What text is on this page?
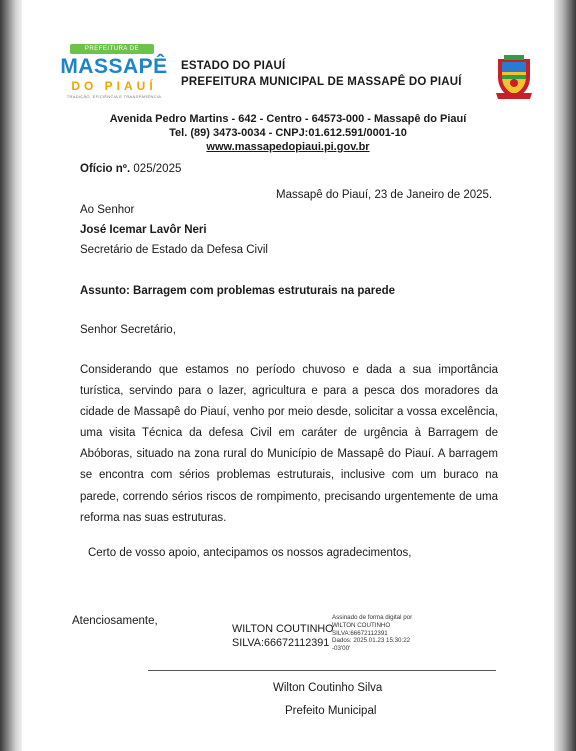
PREFEITURA DE
MASSAPÊ
DO PIAUÍ
TRADIÇÃO, EFICIÊNCIA E TRANSPARÊNCIA
ESTADO DO PIAUÍ
PREFEITURA MUNICIPAL DE MASSAPÊ DO PIAUÍ
Avenida Pedro Martins - 642 - Centro - 64573-000 - Massapê do Piauí
Tel. (89) 3473-0034 - CNPJ:01.612.591/0001-10
www.massapedopiaui.pi.gov.br
Ofício nº. 025/2025
Massapê do Piauí, 23 de Janeiro de 2025.
Ao Senhor
José Icemar Lavôr Neri
Secretário de Estado da Defesa Civil
Assunto: Barragem com problemas estruturais na parede
Senhor Secretário,
Considerando que estamos no período chuvoso e dada a sua importância turística, servindo para o lazer, agricultura e para a pesca dos moradores da cidade de Massapê do Piauí, venho por meio desde, solicitar a vossa excelência, uma visita Técnica da defesa Civil em caráter de urgência à Barragem de Abóboras, situado na zona rural do Município de Massapê do Piauí. A barragem se encontra com sérios problemas estruturais, inclusive com um buraco na parede, correndo sérios riscos de rompimento, precisando urgentemente de uma reforma nas suas estruturas.
Certo de vosso apoio, antecipamos os nossos agradecimentos,
Atenciosamente,
WILTON COUTINHO
SILVA:66672112391
Assinado de forma digital por
WILTON COUTINHO
SILVA:66672112391
Dados: 2025.01.23 15:30:22
-03'00'
Wilton Coutinho Silva
Prefeito Municipal
